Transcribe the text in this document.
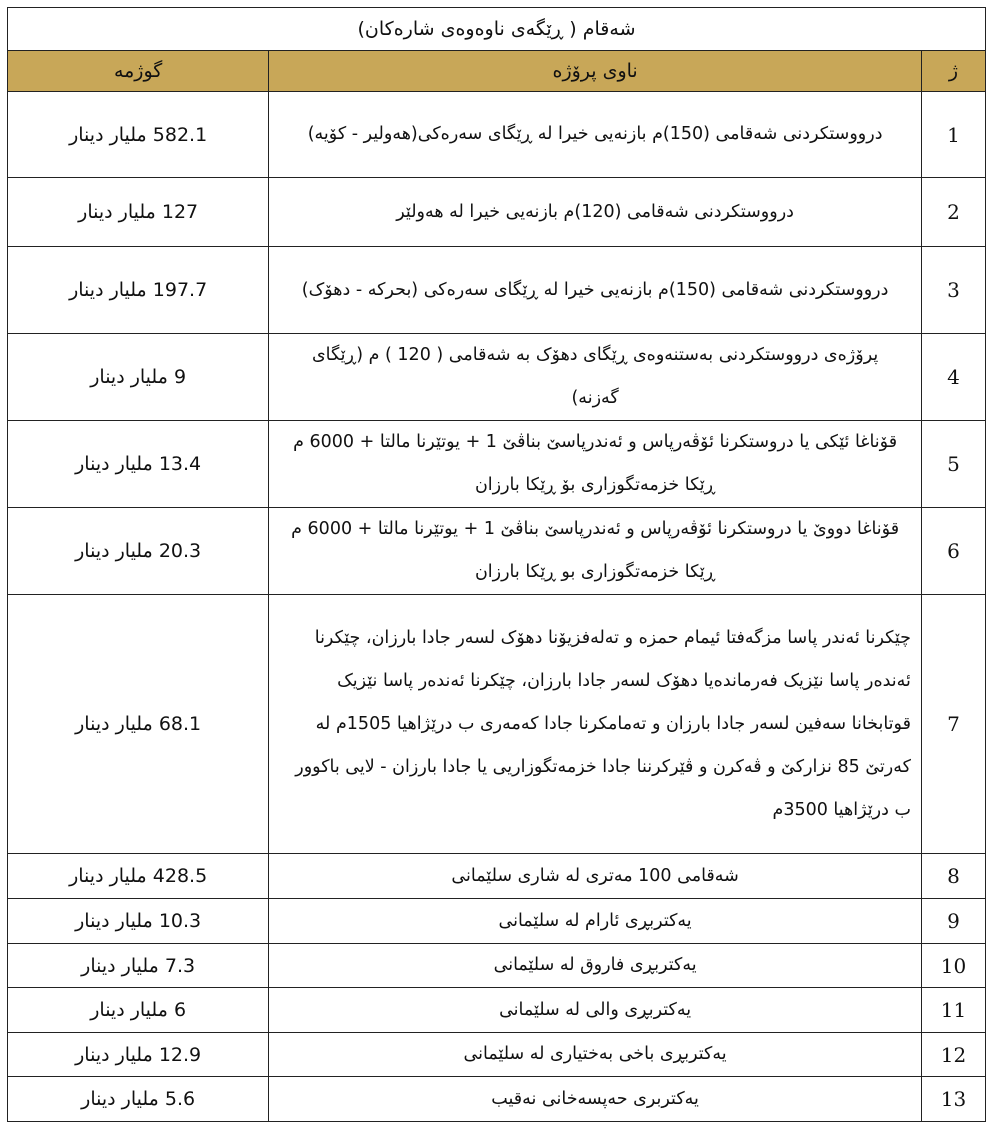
شەقام ( ڕێگەی ناوەوەی شارەکان)		
ژ	ناوی پرۆژە	گوژمە
1	درووستکردنی شەقامی (150)م بازنەیی خیرا لە ڕێگای سەرەکی(هەولیر - کۆیە)	582.1 مليار دينار
2	درووستکردنی شەقامی (120)م بازنەیی خیرا لە هەولێر	127 مليار دينار
3	درووستکردنی شەقامی (150)م بازنەیی خیرا لە ڕێگای سەرەکی (بحرکە - دهۆک)	197.7 مليار دينار
4	پرۆژەی درووستکردنی بەستنەوەی ڕێگای دهۆک بە شەقامی ( 120 ) م (ڕێگای گەزنە)	9 مليار دينار
5	قۆناغا ئێکی یا دروستکرنا ئۆڤەرپاس و ئەندرپاسێ بناڤێ 1 + یوتێرنا مالتا + 6000 م ڕێکا خزمەتگوزاری بۆ ڕێکا بارزان	13.4 مليار دينار
6	قۆناغا دووێ یا دروستکرنا ئۆڤەرپاس و ئەندرپاسێ بناڤێ 1 + یوتێرنا مالتا + 6000 م ڕێکا خزمەتگوزاری بو ڕێکا بارزان	20.3 مليار دينار
7	چێکرنا ئەندر پاسا مزگەفتا ئیمام حمزە و تەلەفزیۆنا دهۆک لسەر جادا بارزان، چێکرنا ئەندەر پاسا نێزیک فەرماندەیا دهۆک لسەر جادا بارزان، چێکرنا ئەندەر پاسا نێزیک قوتابخانا سەفین لسەر جادا بارزان و تەمامکرنا جادا کەمەری ب درێژاهیا 1505م لە کەرتێ 85 نزارکێ و ڤەکرن و ڤێرکرننا جادا خزمەتگوزاریی یا جادا بارزان - لایی باکوور ب درێژاهیا 3500م	68.1 مليار دينار
8	شەقامی 100 مەتری لە شاری سلێمانی	428.5 مليار دينار
9	یەکتربڕی ئارام لە سلێمانی	10.3 مليار دينار
10	یەکتربڕی فاروق لە سلێمانی	7.3 مليار دينار
11	یەکتربڕی والی لە سلێمانی	6 مليار دينار
12	یەکتربڕی باخی بەختیاری لە سلێمانی	12.9 مليار دينار
13	یەکتربری حەپسەخانی نەقیب	5.6 مليار دينار
